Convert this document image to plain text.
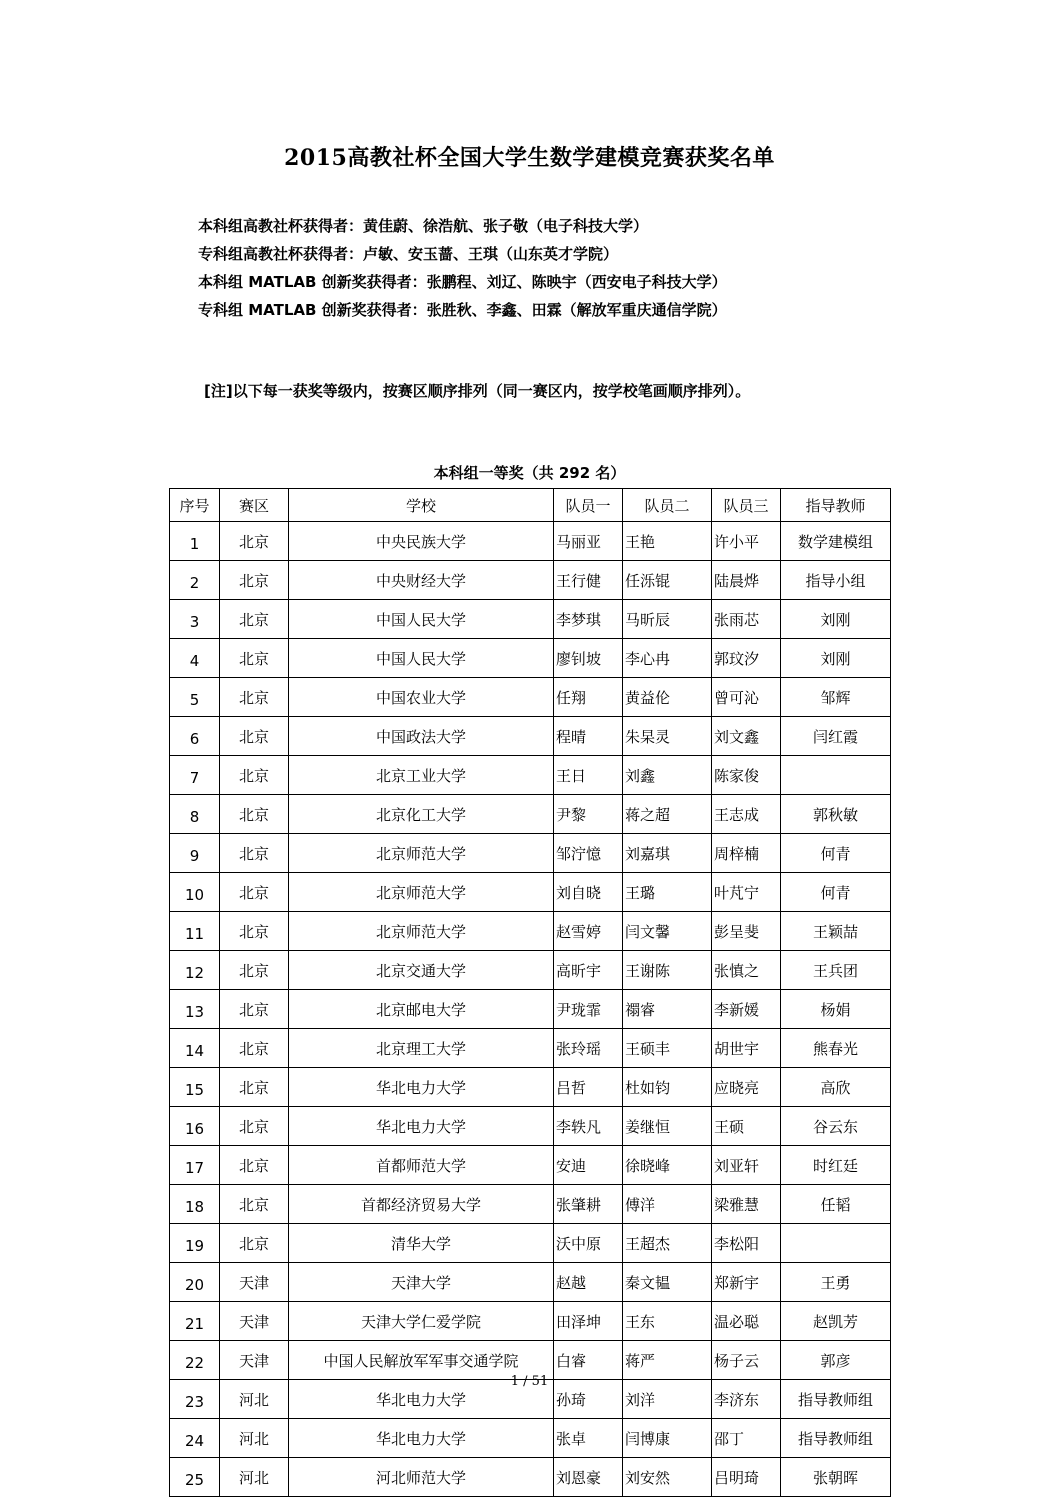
2015高教社杯全国大学生数学建模竞赛获奖名单
本科组高教社杯获得者：黄佳蔚、徐浩航、张子敬（电子科技大学）
专科组高教社杯获得者：卢敏、安玉蔷、王琪（山东英才学院）
本科组 MATLAB 创新奖获得者：张鹏程、刘辽、陈映宇（西安电子科技大学）
专科组 MATLAB 创新奖获得者：张胜秋、李鑫、田霖（解放军重庆通信学院）
[注]以下每一获奖等级内，按赛区顺序排列（同一赛区内，按学校笔画顺序排列）。
本科组一等奖（共 292 名）
序号	赛区	学校	队员一	队员二	队员三	指导教师
1	北京	中央民族大学	马丽亚	王艳	许小平	数学建模组
2	北京	中央财经大学	王行健	任泺锟	陆晨烨	指导小组
3	北京	中国人民大学	李梦琪	马昕辰	张雨芯	刘刚
4	北京	中国人民大学	廖钊坡	李心冉	郭玟汐	刘刚
5	北京	中国农业大学	任翔	黄益伦	曾可沁	邹辉
6	北京	中国政法大学	程晴	朱杲灵	刘文鑫	闫红霞
7	北京	北京工业大学	王日	刘鑫	陈家俊	
8	北京	北京化工大学	尹黎	蒋之超	王志成	郭秋敏
9	北京	北京师范大学	邹泞憶	刘嘉琪	周梓楠	何青
10	北京	北京师范大学	刘自晓	王璐	叶芃宁	何青
11	北京	北京师范大学	赵雪婷	闫文馨	彭呈斐	王颖喆
12	北京	北京交通大学	高昕宇	王谢陈	张慎之	王兵团
13	北京	北京邮电大学	尹珑霏	禤睿	李新媛	杨娟
14	北京	北京理工大学	张玲瑶	王硕丰	胡世宇	熊春光
15	北京	华北电力大学	吕哲	杜如钧	应晓亮	高欣
16	北京	华北电力大学	李轶凡	姜继恒	王硕	谷云东
17	北京	首都师范大学	安迪	徐晓峰	刘亚轩	时红廷
18	北京	首都经济贸易大学	张肇耕	傅洋	梁雅慧	任韬
19	北京	清华大学	沃中原	王超杰	李松阳	
20	天津	天津大学	赵越	秦文韫	郑新宇	王勇
21	天津	天津大学仁爱学院	田泽坤	王东	温必聪	赵凯芳
22	天津	中国人民解放军军事交通学院	白睿	蒋严	杨子云	郭彦
23	河北	华北电力大学	孙琦	刘洋	李济东	指导教师组
24	河北	华北电力大学	张卓	闫博康	邵丁	指导教师组
25	河北	河北师范大学	刘恩豪	刘安然	吕明琦	张朝晖
1 / 51
